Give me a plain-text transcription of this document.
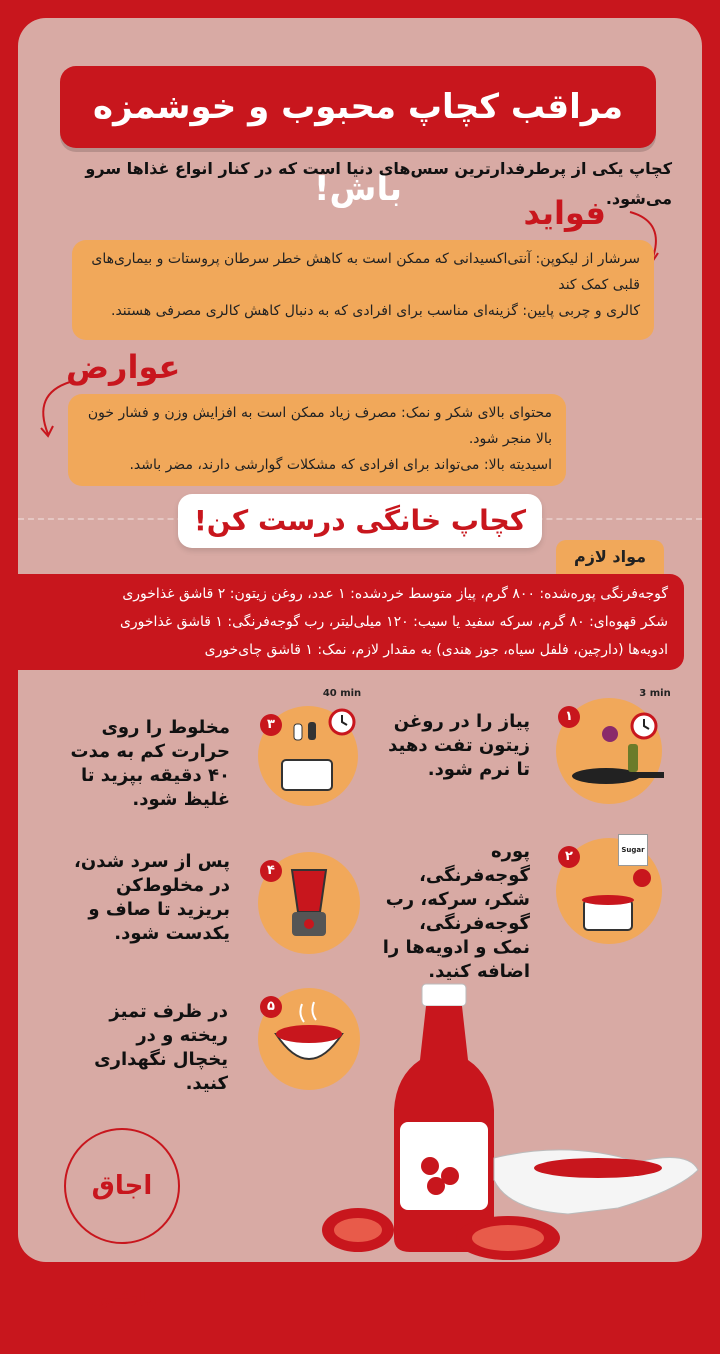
مراقب کچاپ محبوب و خوشمزه باش!
کچاپ یکی از پرطرفدارترین سس‌های دنیا است که در کنار انواع غذاها سرو می‌شود.
فواید
سرشار از لیکوپن: آنتی‌اکسیدانی که ممکن است به کاهش خطر سرطان پروستات و بیماری‌های قلبی کمک کند
کالری و چربی پایین: گزینه‌ای مناسب برای افرادی که به دنبال کاهش کالری مصرفی هستند.
عوارض
محتوای بالای شکر و نمک: مصرف زیاد ممکن است به افزایش وزن و فشار خون بالا منجر شود.
اسیدیته بالا: می‌تواند برای افرادی که مشکلات گوارشی دارند، مضر باشد.
کچاپ خانگی درست کن!
مواد لازم
گوجه‌فرنگی پوره‌شده: ۸۰۰ گرم، پیاز متوسط خردشده: ۱ عدد، روغن زیتون: ۲ قاشق غذاخوری
شکر قهوه‌ای: ۸۰ گرم، سرکه سفید یا سیب: ۱۲۰ میلی‌لیتر، رب گوجه‌فرنگی: ۱ قاشق غذاخوری
ادویه‌ها (دارچین، فلفل سیاه، جوز هندی) به مقدار لازم، نمک: ۱ قاشق چای‌خوری
۱
3 min
پیاز را در روغن زیتون تفت دهید تا نرم شود.
۲	Sugar
پوره گوجه‌فرنگی، شکر، سرکه، رب گوجه‌فرنگی، نمک و ادویه‌ها را اضافه کنید.
۳
40 min
مخلوط را روی حرارت کم به مدت ۴۰ دقیقه بپزید تا غلیظ شود.
۴
پس از سرد شدن، در مخلوط‌کن بریزید تا صاف و یکدست شود.
۵
در ظرف تمیز ریخته و در یخچال نگهداری کنید.
اجاق باشی
